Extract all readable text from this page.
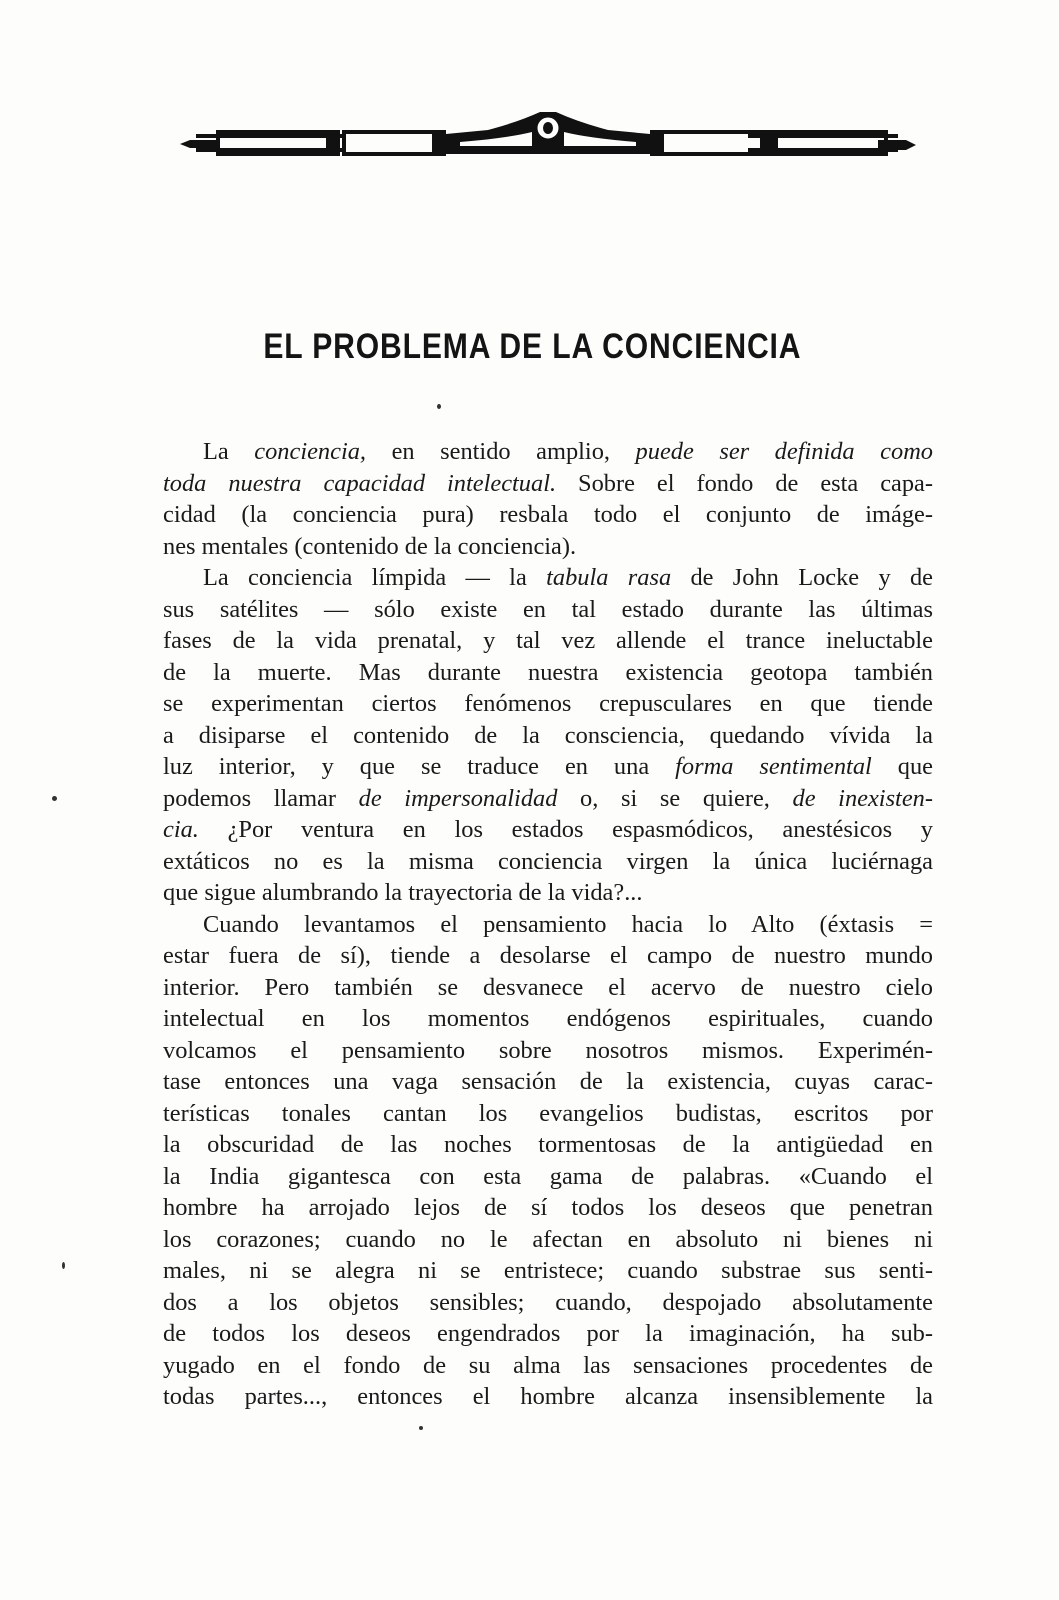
EL PROBLEMA DE LA CONCIENCIA
La conciencia, en sentido amplio, puede ser definida como
toda nuestra capacidad intelectual. Sobre el fondo de esta capa-
cidad (la conciencia pura) resbala todo el conjunto de imáge-
nes mentales (contenido de la conciencia).
La conciencia límpida — la tabula rasa de John Locke y de
sus satélites — sólo existe en tal estado durante las últimas
fases de la vida prenatal, y tal vez allende el trance ineluctable
de la muerte. Mas durante nuestra existencia geotopa también
se experimentan ciertos fenómenos crepusculares en que tiende
a disiparse el contenido de la consciencia, quedando vívida la
luz interior, y que se traduce en una forma sentimental que
podemos llamar de impersonalidad o, si se quiere, de inexisten-
cia. ¿Por ventura en los estados espasmódicos, anestésicos y
extáticos no es la misma conciencia virgen la única luciérnaga
que sigue alumbrando la trayectoria de la vida?...
Cuando levantamos el pensamiento hacia lo Alto (éxtasis =
estar fuera de sí), tiende a desolarse el campo de nuestro mundo
interior. Pero también se desvanece el acervo de nuestro cielo
intelectual en los momentos endógenos espirituales, cuando
volcamos el pensamiento sobre nosotros mismos. Experimén-
tase entonces una vaga sensación de la existencia, cuyas carac-
terísticas tonales cantan los evangelios budistas, escritos por
la obscuridad de las noches tormentosas de la antigüedad en
la India gigantesca con esta gama de palabras. «Cuando el
hombre ha arrojado lejos de sí todos los deseos que penetran
los corazones; cuando no le afectan en absoluto ni bienes ni
males, ni se alegra ni se entristece; cuando substrae sus senti-
dos a los objetos sensibles; cuando, despojado absolutamente
de todos los deseos engendrados por la imaginación, ha sub-
yugado en el fondo de su alma las sensaciones procedentes de
todas partes..., entonces el hombre alcanza insensiblemente la
